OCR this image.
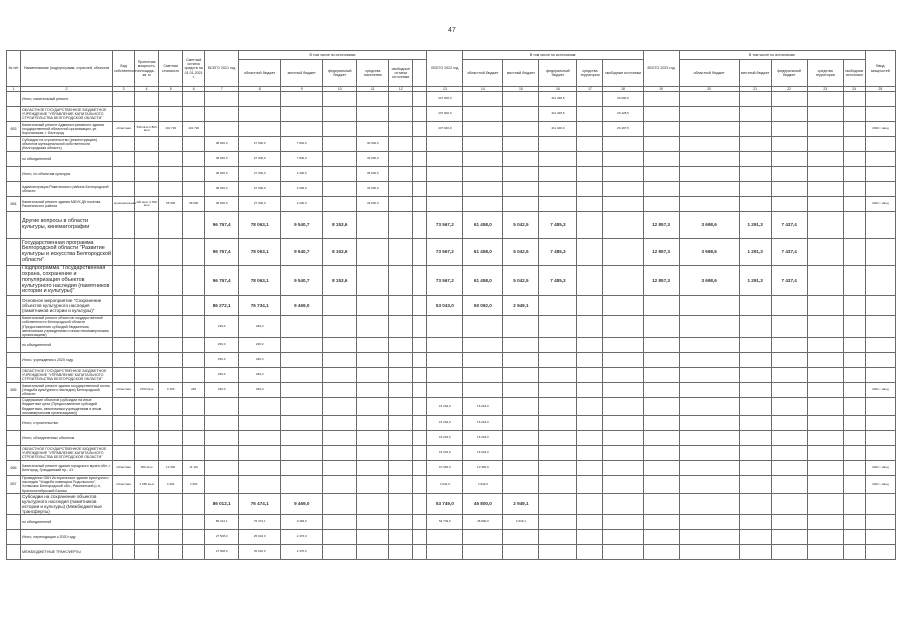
47
№ п/п	Наименование (под)программ, отраслей, объектов	Вид собственности	Проектная мощность, площадь, кв. м	Сметная стоимость	Сметный остаток средств на 01.01.2021 г.	ВСЕГО 2021 год	В том числе по источникам:						ВСЕГО 2022 год	В том числе по источникам:					ВСЕГО 2023 год	В том числе по источникам:					Ввод мощностей
							областной бюджет	местный бюджет	федеральный бюджет	средства населения	свободные остатки источники			областной бюджет	местный бюджет	федеральный бюджет	средства территории	свободные источники		областной бюджет	местный бюджет	федеральный бюджет	средства территории	свободные источники	
1	2	3	4	5	6	7	8	9	10	11	12		13	14	15	16	17	18	19	20	21	22	23	24	25
	Итого, капитальный ремонт												437 900,0			411 428,5		26 000,0							
	ОБЛАСТНОЕ ГОСУДАРСТВЕННОЕ БЮДЖЕТНОЕ УЧРЕЖДЕНИЕ "УПРАВЛЕНИЕ КАПИТАЛЬНОГО СТРОИТЕЛЬСТВА БЕЛГОРОДСКОЙ ОБЛАСТИ"												437 900,0			411 428,5		26 428,5							
653	Капитальный ремонт Административного здания государственной областной организации, ул. Корочанская, г. Белгород	областная	540 кв.м 2 894 кв.м	101 700	101 700								437 900,0			411 400,0		26 497,5							2020 г. ввод
	Субсидии на строительство (реконструкцию) объектов муниципальной собственности (Белгородская область)					38 000,0	27 000,0	7 840,0		30 000,0															
	по объединенной					38 000,0	27 000,0	7 840,0		33 000,0															
	Итого, по объектам культуры					38 000,0	27 000,0	2 400,0		35 000,0															
	Администрация Ракитянского района Белгородской области					38 000,0	27 000,0	2 000,0		33 000,0															
654	Капитальный ремонт здания МБУК ДК поселка Ракитянского района	муниципальная	120 мест 2 500 кв.м	55 000	38 000	38 000,0	27 000,0	2 000,0		33 000,0															2021 г. ввод
	Другие вопросы в области культуры, кинематографии					96 757,4	78 063,1	9 540,7	8 153,6				73 567,2	61 458,0	5 042,5	7 485,3			12 857,3	3 698,6	1 291,3	7 437,4			
	Государственная программа Белгородской области "Развитие культуры и искусства Белгородской области"					96 757,4	78 063,1	9 540,7	8 153,6				73 567,2	61 458,0	5 042,5	7 485,3			12 857,3	3 698,6	1 291,3	7 437,4			
	Подпрограмма "Государственная охрана, сохранение и популяризация объектов культурного наследия (памятников истории и культуры)"					96 757,4	78 063,1	9 540,7	8 153,6				73 567,2	61 458,0	5 042,5	7 485,3			12 857,3	3 698,6	1 291,3	7 437,4			
	Основное мероприятие "Сохранение объектов культурного наследия (памятников истории и культуры)"					86 272,1	76 734,1	9 469,0					53 043,0	50 092,0	2 949,1										
	Капитальный ремонт объектов государственной собственности Белгородской области (Предоставление субсидий бюджетным, автономным учреждениям и иным некоммерческим организациям)					230,0	260,0																		
	по объединенной					260,0	230,0																		
	Итого, учреждения к 2020 году					260,0	260,0																		
	ОБЛАСТНОЕ ГОСУДАРСТВЕННОЕ БЮДЖЕТНОЕ УЧРЕЖДЕНИЕ "УПРАВЛЕНИЕ КАПИТАЛЬНОГО СТРОИТЕЛЬСТВА БЕЛГОРОДСКОЙ ОБЛАСТИ"					260,0	260,0																		
655	Капитальный ремонт здания государственной почты (Усадьба культурного наследия) Белгородской области	областная	2700 кв.м	4 165	260	260,0	260,0																		2021 г. ввод
	Содержание объектов (субсидии на иные бюджетные цели (Предоставление субсидий бюджетным, автономным учреждениям и иным некоммерческим организациям))												15 294,0	15 294,0											
	Итого, строительства												15 294,0	15 294,0											
	Итого, объединенных объектов												15 294,0	15 294,0											
	ОБЛАСТНОЕ ГОСУДАРСТВЕННОЕ БЮДЖЕТНОЕ УЧРЕЖДЕНИЕ "УПРАВЛЕНИЕ КАПИТАЛЬНОГО СТРОИТЕЛЬСТВА БЕЛГОРОДСКОЙ ОБЛАСТИ"												15 294,0	15 294,0											
656	Капитальный ремонт здания городского музея обл. г. Белгород, Гражданский пр., 41	областная	900 кв.м	12 000	11 110								10 350,0	10 350,0											2021 г. ввод
657	Проведение ОКН Историческое здание культурного наследия "Усадьба помещика Подольского", Хотмыжск Белгородской обл., Ракитянский р-н, Краснооктябрьский Балаш	областная	2 550 кв.м	4 304	4 304								4 944,0	4 944,0											2021 г. ввод
	Субсидии на сохранение объектов культурного наследия (памятников истории и культуры) (Межбюджетные трансферты)					86 012,1	76 474,1	9 469,0					53 749,0	45 800,0	2 949,1										
	по объединенной					86 012,1	76 474,1	9 469,0					53 749,0	45 800,0	2 949,1										
	Итого, переходящие к 2020 году					27 508,0	25 032,0	2 476,0																	
	МЕЖБЮДЖЕТНЫЕ ТРАНСФЕРТЫ					27 508,0	25 032,0	2 476,0																	
